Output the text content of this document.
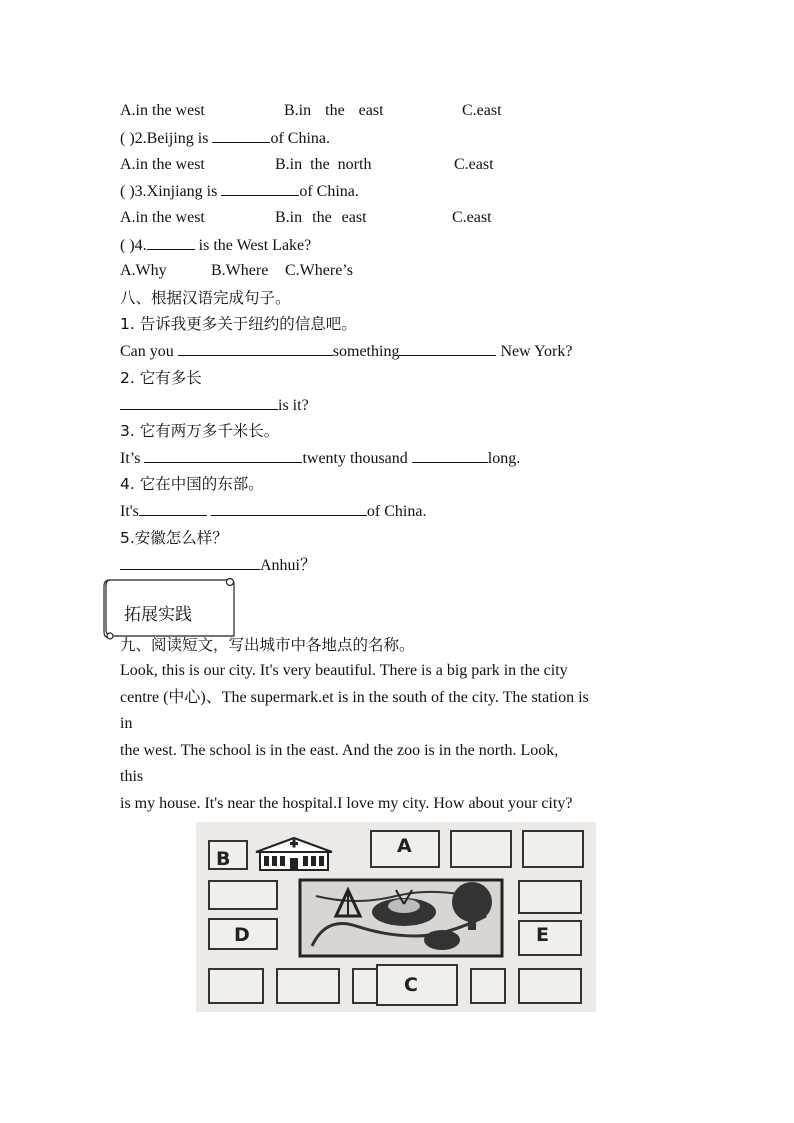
A.in the west	B.in the east	C.east
( )2.Beijing is	of China.
A.in the west	B.in the north	C.east
( )3.Xinjiang is	of China.
A.in the west	B.in the east	C.east
( )4.	is the West Lake?
A.Why	B.Where C.Where’s
八、根据汉语完成句子。
1. 告诉我更多关于纽约的信息吧。
Can you	something	New York?
2. 它有多长
is it?
3. 它有两万多千米长。
It’s	twenty thousand	long.
4. 它在中国的东部。
It's	of China.
5.安徽怎么样？
Anhui？
拓展实践
九、阅读短文，写出城市中各地点的名称。
Look, this is our city. It's very beautiful. There is a big park in the city
centre (中心)、The supermark.et is in the south of the city. The station is
in
the west. The school is in the east. And the zoo is in the north. Look,
this
is my house. It's near the hospital.I love my city. How about your city?
B
A
D	E
C
